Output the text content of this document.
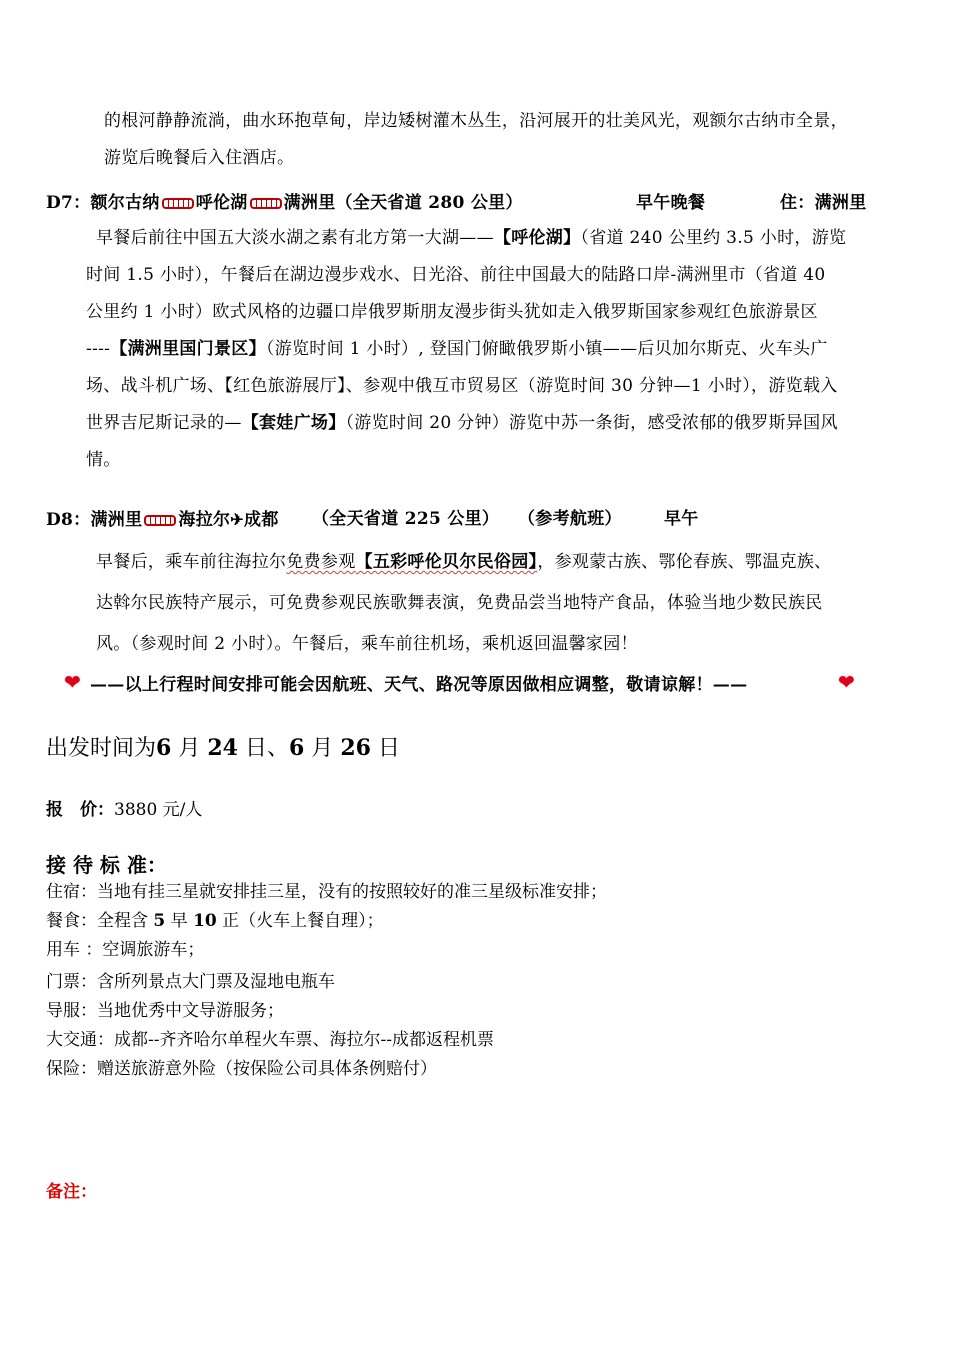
的根河静静流淌，曲水环抱草甸，岸边矮树灌木丛生，沿河展开的壮美风光，观额尔古纳市全景，
游览后晚餐后入住酒店。
D7：额尔古纳 呼伦湖 满洲里（全天省道 280 公里）	早午晚餐	住：满洲里
早餐后前往中国五大淡水湖之素有北方第一大湖——【呼伦湖】（省道 240 公里约 3.5 小时，游览
时间 1.5 小时），午餐后在湖边漫步戏水、日光浴、前往中国最大的陆路口岸-满洲里市（省道 40
公里约 1 小时）欧式风格的边疆口岸俄罗斯朋友漫步街头犹如走入俄罗斯国家参观红色旅游景区
----【满洲里国门景区】（游览时间 1 小时）, 登国门俯瞰俄罗斯小镇——后贝加尔斯克、火车头广
场、战斗机广场、【红色旅游展厅】、参观中俄互市贸易区（游览时间 30 分钟—1 小时），游览载入
世界吉尼斯记录的—【套娃广场】（游览时间 20 分钟）游览中苏一条街，感受浓郁的俄罗斯异国风
情。
D8：满洲里 海拉尔✈成都 （全天省道 225 公里） （参考航班） 早午
早餐后，乘车前往海拉尔免费参观【五彩呼伦贝尔民俗园】，参观蒙古族、鄂伦春族、鄂温克族、
达斡尔民族特产展示，可免费参观民族歌舞表演，免费品尝当地特产食品，体验当地少数民族民
风。（参观时间 2 小时）。午餐后，乘车前往机场，乘机返回温馨家园！
❤ ——以上行程时间安排可能会因航班、天气、路况等原因做相应调整，敬请谅解！——	❤
出发时间为6 月 24 日、6 月 26 日
报　价：3880 元/人
接 待 标 准：
住宿：当地有挂三星就安排挂三星，没有的按照较好的准三星级标准安排；
餐食：全程含 5 早 10 正（火车上餐自理）；
用车 ：空调旅游车；
门票：含所列景点大门票及湿地电瓶车
导服：当地优秀中文导游服务；
大交通：成都--齐齐哈尔单程火车票、海拉尔--成都返程机票
保险：赠送旅游意外险（按保险公司具体条例赔付）
备注：
